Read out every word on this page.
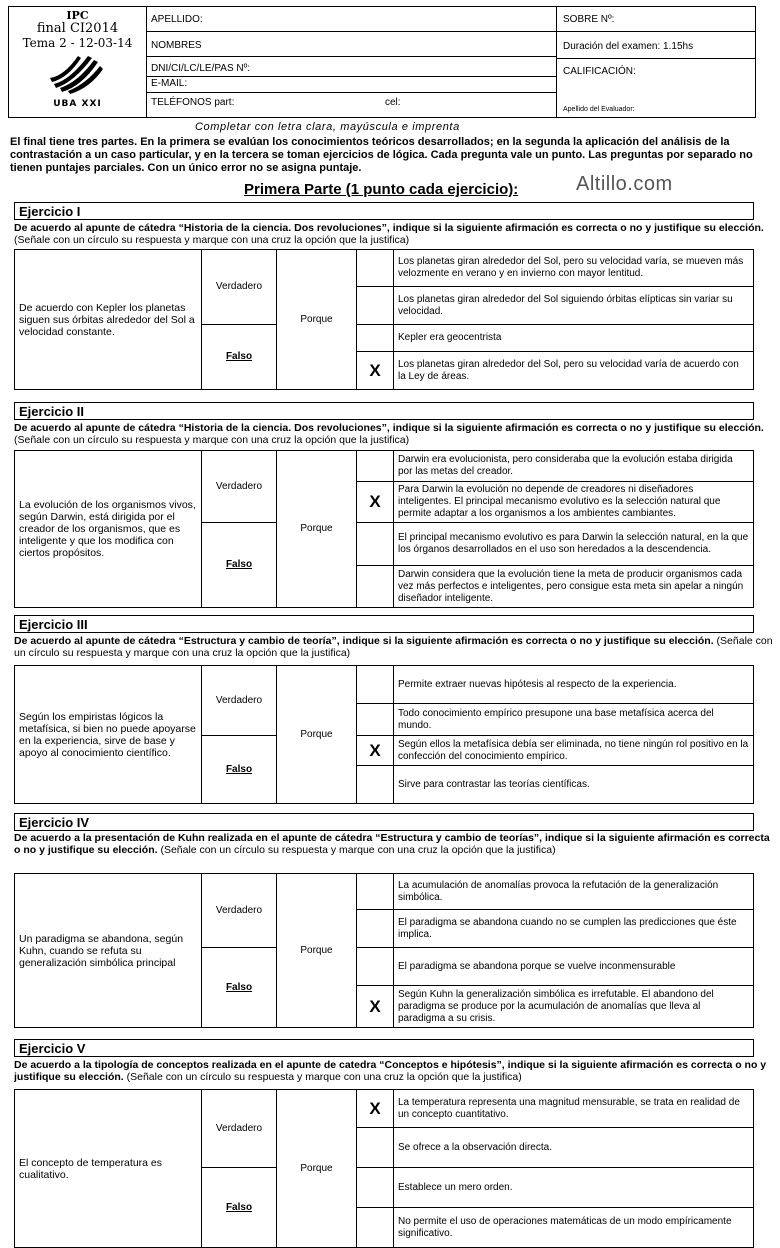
IPC
final CI2014
Tema 2 - 12-03-14
UBA XXI
APELLIDO:
NOMBRES
DNI/CI/LC/LE/PAS Nº:
E-MAIL:
TELÉFONOS part:	cel:
SOBRE Nº:
Duración del examen: 1.15hs
CALIFICACIÓN:
Apellido del Evaluador:
Completar con letra clara, mayúscula e imprenta
El final tiene tres partes. En la primera se evalúan los conocimientos teóricos desarrollados; en la segunda la aplicación del análisis de la contrastación a un caso particular, y en la tercera se toman ejercicios de lógica. Cada pregunta vale un punto. Las preguntas por separado no tienen puntajes parciales. Con un único error no se asigna puntaje.
Primera Parte (1 punto cada ejercicio):	Altillo.com
Ejercicio I
De acuerdo al apunte de cátedra “Historia de la ciencia. Dos revoluciones”, indique si la siguiente afirmación es correcta o no y justifique su elección. (Señale con un círculo su respuesta y marque con una cruz la opción que la justifica)
De acuerdo con Kepler los planetas siguen sus órbitas alrededor del Sol a velocidad constante.	Verdadero	Porque		Los planetas giran alrededor del Sol, pero su velocidad varía, se mueven más velozmente en verano y en invierno con mayor lentitud.
				Los planetas giran alrededor del Sol siguiendo órbitas elípticas sin variar su velocidad.
	Falso			Kepler era geocentrista
			X	Los planetas giran alrededor del Sol, pero su velocidad varía de acuerdo con la Ley de áreas.
Ejercicio II
De acuerdo al apunte de cátedra “Historia de la ciencia. Dos revoluciones”, indique si la siguiente afirmación es correcta o no y justifique su elección. (Señale con un círculo su respuesta y marque con una cruz la opción que la justifica)
La evolución de los organismos vivos, según Darwin, está dirigida por el creador de los organismos, que es inteligente y que los modifica con ciertos propósitos.	Verdadero	Porque		Darwin era evolucionista, pero consideraba que la evolución estaba dirigida por las metas del creador.
			X	Para Darwin la evolución no depende de creadores ni diseñadores inteligentes. El principal mecanismo evolutivo es la selección natural que permite adaptar a los organismos a los ambientes cambiantes.
	Falso			El principal mecanismo evolutivo es para Darwin la selección natural, en la que los órganos desarrollados en el uso son heredados a la descendencia.
				Darwin considera que la evolución tiene la meta de producir organismos cada vez más perfectos e inteligentes, pero consigue esta meta sin apelar a ningún diseñador inteligente.
Ejercicio III
De acuerdo al apunte de cátedra “Estructura y cambio de teoría”, indique si la siguiente afirmación es correcta o no y justifique su elección. (Señale con un círculo su respuesta y marque con una cruz la opción que la justifica)
Según los empiristas lógicos la metafísica, si bien no puede apoyarse en la experiencia, sirve de base y apoyo al conocimiento científico.	Verdadero	Porque		Permite extraer nuevas hipótesis al respecto de la experiencia.
				Todo conocimiento empírico presupone una base metafísica acerca del mundo.
	Falso		X	Según ellos la metafísica debía ser eliminada, no tiene ningún rol positivo en la confección del conocimiento empírico.
				Sirve para contrastar las teorías científicas.
Ejercicio IV
De acuerdo a la presentación de Kuhn realizada en el apunte de cátedra “Estructura y cambio de teorías”, indique si la siguiente afirmación es correcta o no y justifique su elección. (Señale con un círculo su respuesta y marque con una cruz la opción que la justifica)
Un paradigma se abandona, según Kuhn, cuando se refuta su generalización simbólica principal	Verdadero	Porque		La acumulación de anomalías provoca la refutación de la generalización simbólica.
				El paradigma se abandona cuando no se cumplen las predicciones que éste implica.
	Falso			El paradigma se abandona porque se vuelve inconmensurable
			X	Según Kuhn la generalización simbólica es irrefutable. El abandono del paradigma se produce por la acumulación de anomalías que lleva al paradigma a su crisis.
Ejercicio V
De acuerdo a la tipología de conceptos realizada en el apunte de catedra “Conceptos e hipótesis”, indique si la siguiente afirmación es correcta o no y justifique su elección. (Señale con un círculo su respuesta y marque con una cruz la opción que la justifica)
El concepto de temperatura es cualitativo.	Verdadero	Porque	X	La temperatura representa una magnitud mensurable, se trata en realidad de un concepto cuantitativo.
				Se ofrece a la observación directa.
	Falso			Establece un mero orden.
				No permite el uso de operaciones matemáticas de un modo empíricamente significativo.
